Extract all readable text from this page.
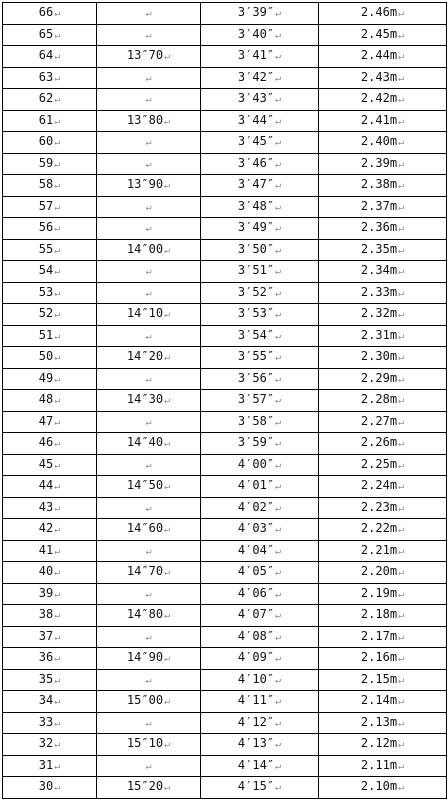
66↵	↵	3′39″↵	2.46m↵
65↵	↵	3′40″↵	2.45m↵
64↵	13″70↵	3′41″↵	2.44m↵
63↵	↵	3′42″↵	2.43m↵
62↵	↵	3′43″↵	2.42m↵
61↵	13″80↵	3′44″↵	2.41m↵
60↵	↵	3′45″↵	2.40m↵
59↵	↵	3′46″↵	2.39m↵
58↵	13″90↵	3′47″↵	2.38m↵
57↵	↵	3′48″↵	2.37m↵
56↵	↵	3′49″↵	2.36m↵
55↵	14″00↵	3′50″↵	2.35m↵
54↵	↵	3′51″↵	2.34m↵
53↵	↵	3′52″↵	2.33m↵
52↵	14″10↵	3′53″↵	2.32m↵
51↵	↵	3′54″↵	2.31m↵
50↵	14″20↵	3′55″↵	2.30m↵
49↵	↵	3′56″↵	2.29m↵
48↵	14″30↵	3′57″↵	2.28m↵
47↵	↵	3′58″↵	2.27m↵
46↵	14″40↵	3′59″↵	2.26m↵
45↵	↵	4′00″↵	2.25m↵
44↵	14″50↵	4′01″↵	2.24m↵
43↵	↵	4′02″↵	2.23m↵
42↵	14″60↵	4′03″↵	2.22m↵
41↵	↵	4′04″↵	2.21m↵
40↵	14″70↵	4′05″↵	2.20m↵
39↵	↵	4′06″↵	2.19m↵
38↵	14″80↵	4′07″↵	2.18m↵
37↵	↵	4′08″↵	2.17m↵
36↵	14″90↵	4′09″↵	2.16m↵
35↵	↵	4′10″↵	2.15m↵
34↵	15″00↵	4′11″↵	2.14m↵
33↵	↵	4′12″↵	2.13m↵
32↵	15″10↵	4′13″↵	2.12m↵
31↵	↵	4′14″↵	2.11m↵
30↵	15″20↵	4′15″↵	2.10m↵
